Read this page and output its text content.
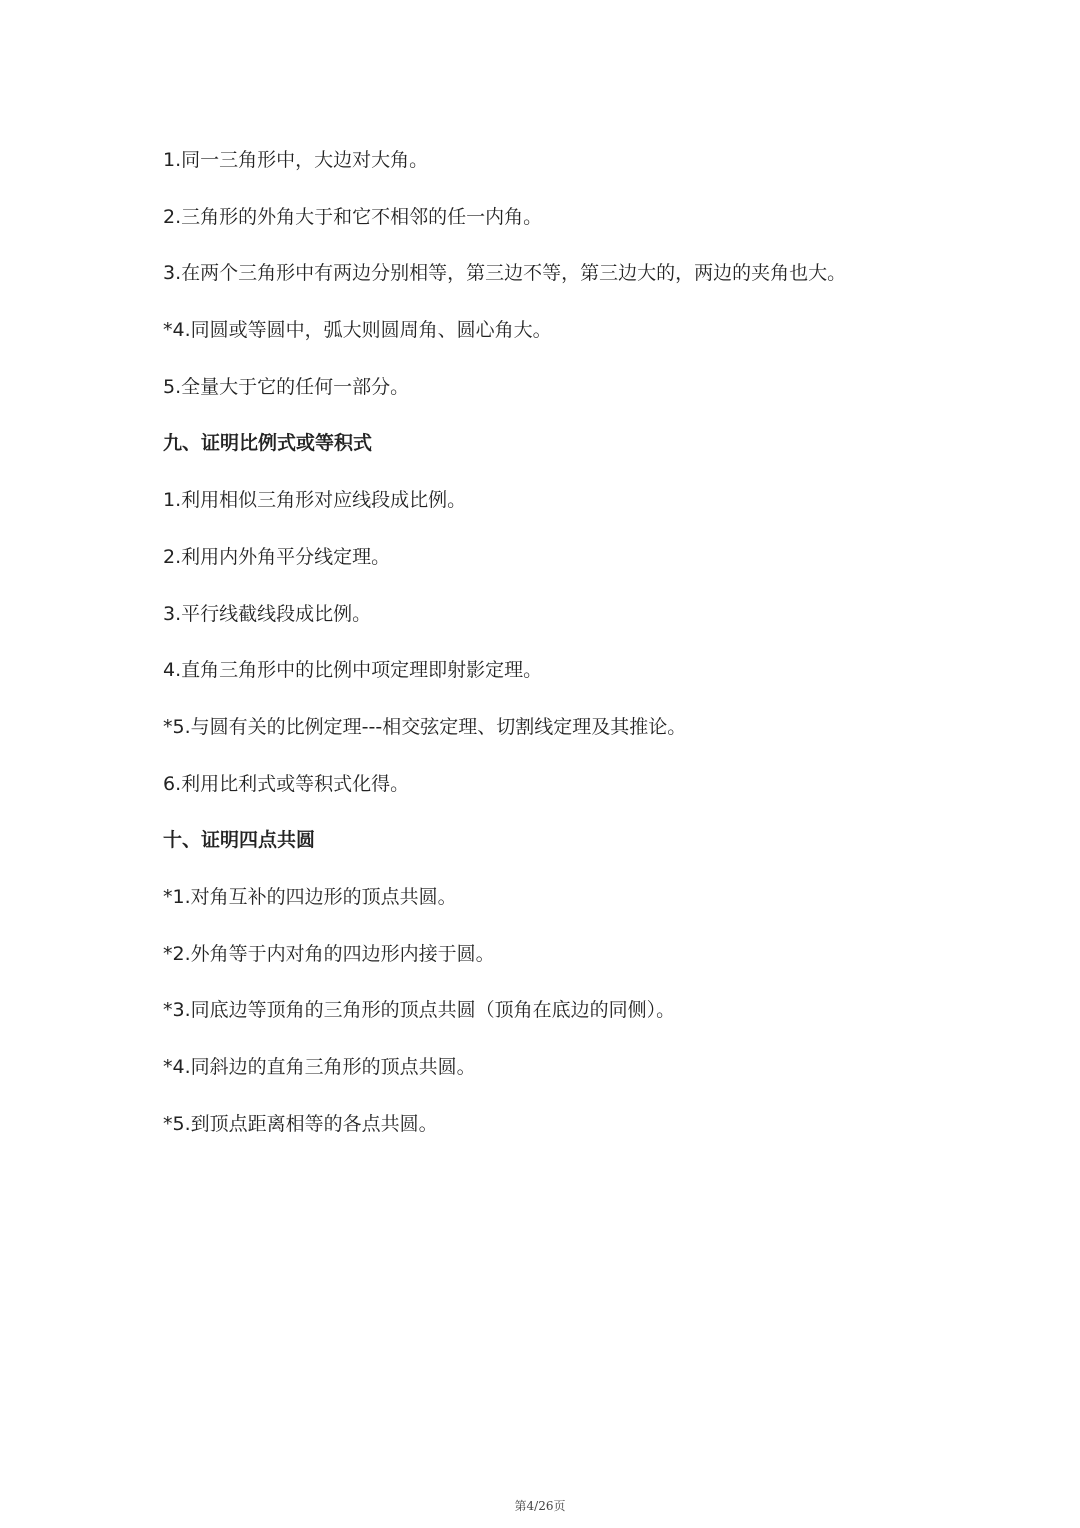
1.同一三角形中，大边对大角。
2.三角形的外角大于和它不相邻的任一内角。
3.在两个三角形中有两边分别相等，第三边不等，第三边大的，两边的夹角也大。
*4.同圆或等圆中，弧大则圆周角、圆心角大。
5.全量大于它的任何一部分。
九、证明比例式或等积式
1.利用相似三角形对应线段成比例。
2.利用内外角平分线定理。
3.平行线截线段成比例。
4.直角三角形中的比例中项定理即射影定理。
*5.与圆有关的比例定理---相交弦定理、切割线定理及其推论。
6.利用比利式或等积式化得。
十、证明四点共圆
*1.对角互补的四边形的顶点共圆。
*2.外角等于内对角的四边形内接于圆。
*3.同底边等顶角的三角形的顶点共圆（顶角在底边的同侧）。
*4.同斜边的直角三角形的顶点共圆。
*5.到顶点距离相等的各点共圆。
第4/26页
